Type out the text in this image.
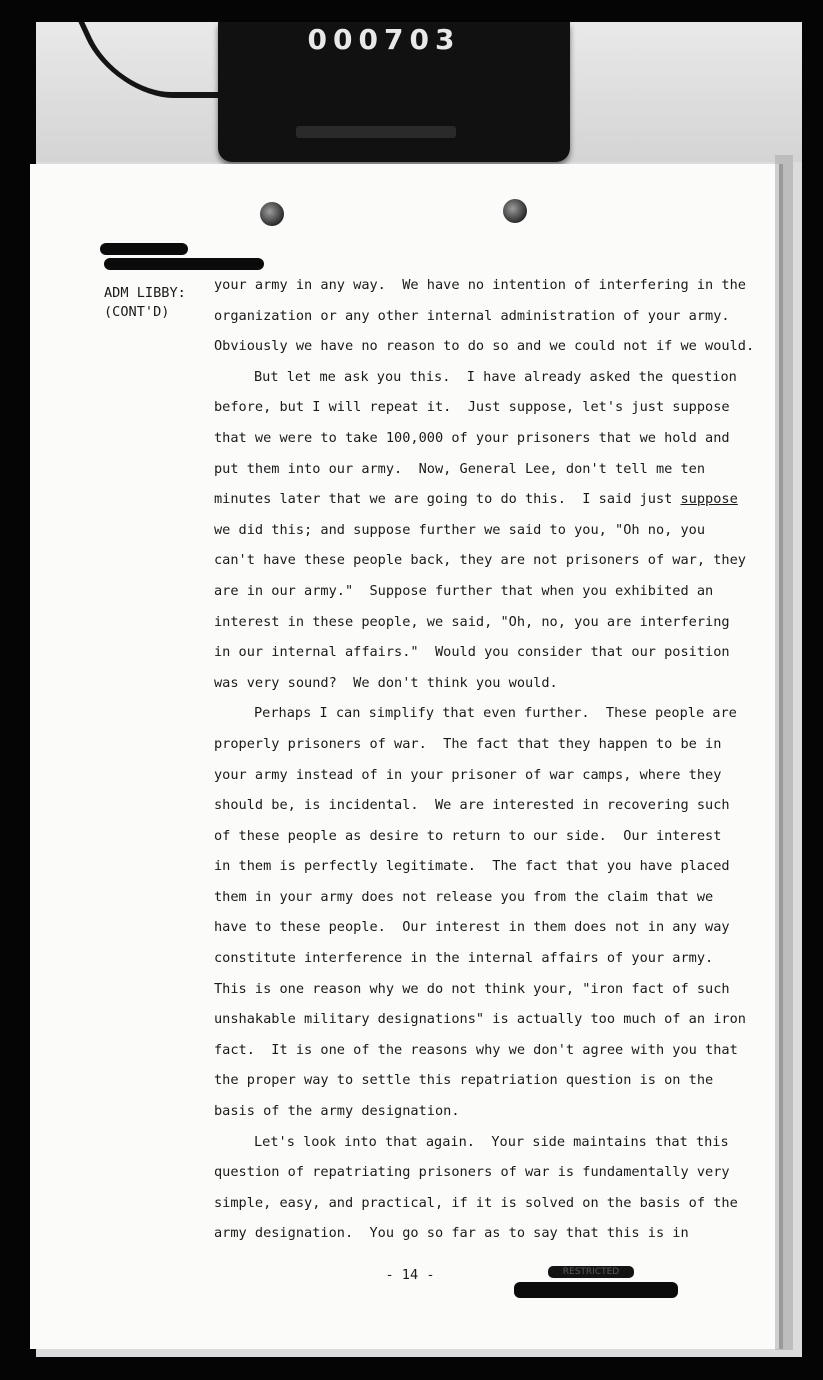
000703
ADM LIBBY:
(CONT'D)
your army in any way.  We have no intention of interfering in the
organization or any other internal administration of your army.
Obviously we have no reason to do so and we could not if we would.
But let me ask you this.  I have already asked the question
before, but I will repeat it.  Just suppose, let's just suppose
that we were to take 100,000 of your prisoners that we hold and
put them into our army.  Now, General Lee, don't tell me ten
minutes later that we are going to do this.  I said just suppose
we did this; and suppose further we said to you, "Oh no, you
can't have these people back, they are not prisoners of war, they
are in our army."  Suppose further that when you exhibited an
interest in these people, we said, "Oh, no, you are interfering
in our internal affairs."  Would you consider that our position
was very sound?  We don't think you would.
Perhaps I can simplify that even further.  These people are
properly prisoners of war.  The fact that they happen to be in
your army instead of in your prisoner of war camps, where they
should be, is incidental.  We are interested in recovering such
of these people as desire to return to our side.  Our interest
in them is perfectly legitimate.  The fact that you have placed
them in your army does not release you from the claim that we
have to these people.  Our interest in them does not in any way
constitute interference in the internal affairs of your army.
This is one reason why we do not think your, "iron fact of such
unshakable military designations" is actually too much of an iron
fact.  It is one of the reasons why we don't agree with you that
the proper way to settle this repatriation question is on the
basis of the army designation.
Let's look into that again.  Your side maintains that this
question of repatriating prisoners of war is fundamentally very
simple, easy, and practical, if it is solved on the basis of the
army designation.  You go so far as to say that this is in
- 14 -	RESTRICTED
